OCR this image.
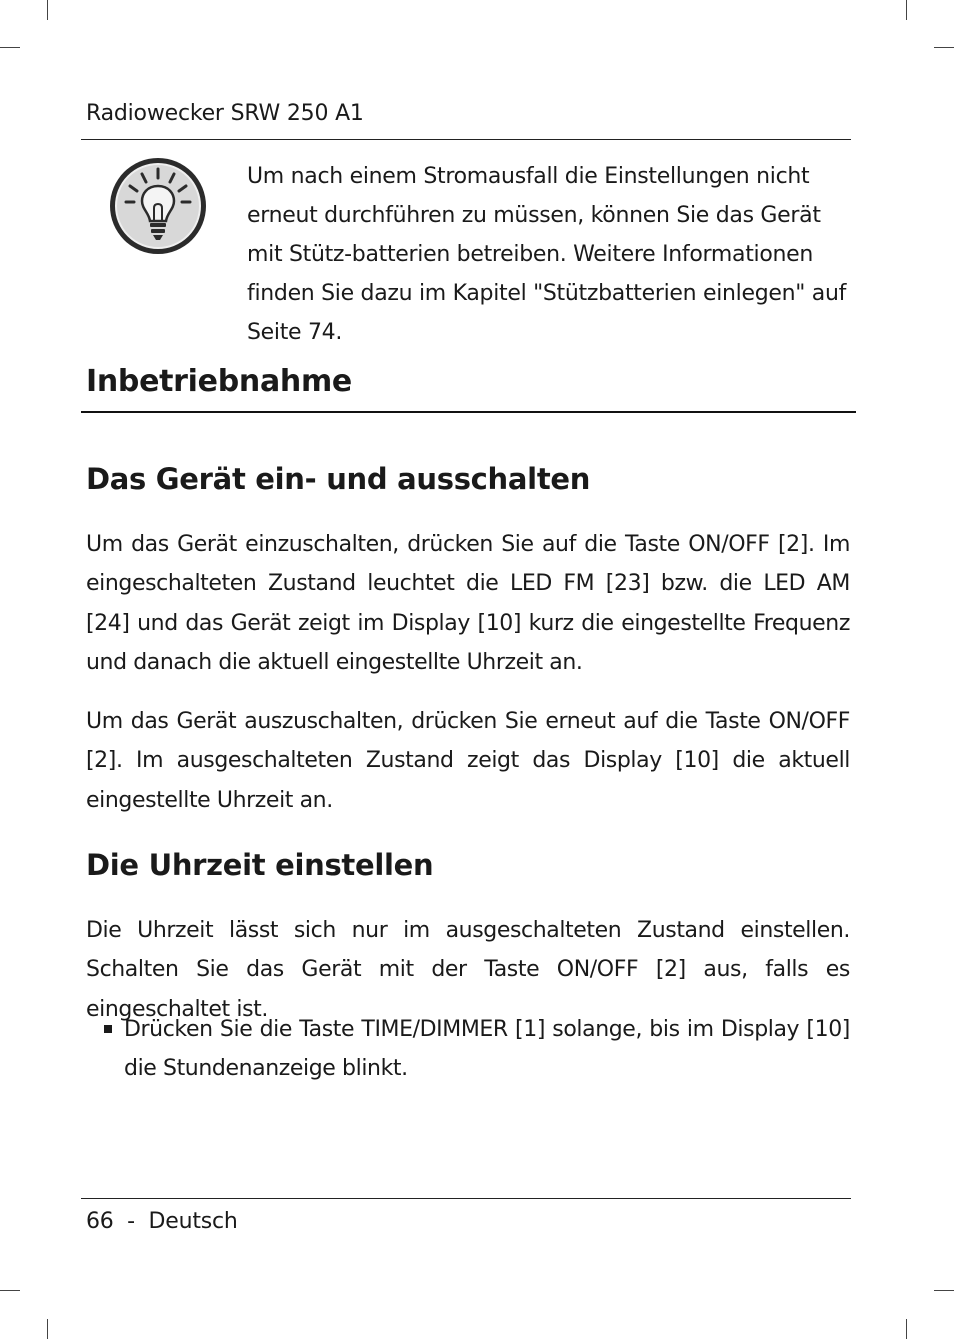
Radiowecker SRW 250 A1

Um nach einem Stromausfall die Einstellungen nicht erneut durchführen zu müssen, können Sie das Gerät mit Stütz-batterien betreiben. Weitere Informationen finden Sie dazu im Kapitel "Stützbatterien einlegen" auf Seite 74.

Inbetriebnahme
Das Gerät ein- und ausschalten

Um das Gerät einzuschalten, drücken Sie auf die Taste ON/OFF [2]. Im eingeschalteten Zustand leuchtet die LED FM [23] bzw. die LED AM [24] und das Gerät zeigt im Display [10] kurz die eingestellte Frequenz und danach die aktuell eingestellte Uhrzeit an.

Um das Gerät auszuschalten, drücken Sie erneut auf die Taste ON/OFF [2]. Im ausgeschalteten Zustand zeigt das Display [10] die aktuell eingestellte Uhrzeit an.

Die Uhrzeit einstellen

Die Uhrzeit lässt sich nur im ausgeschalteten Zustand einstellen. Schalten Sie das Gerät mit der Taste ON/OFF [2] aus, falls es eingeschaltet ist.

Drücken Sie die Taste TIME/DIMMER [1] solange, bis im Display [10] die Stundenanzeige blinkt.
66  -  Deutsch
